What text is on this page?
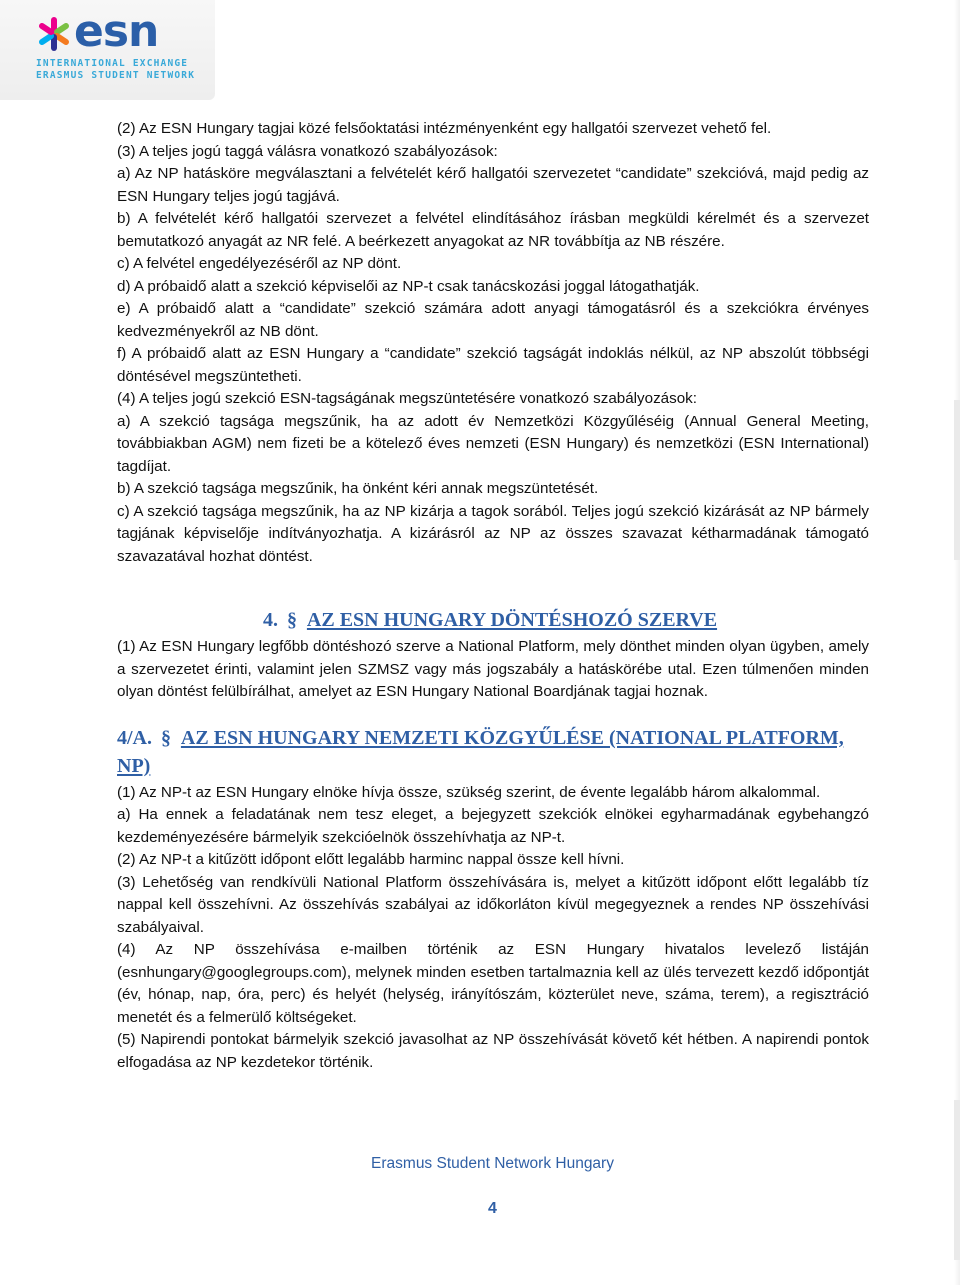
esn
INTERNATIONAL EXCHANGE
ERASMUS STUDENT NETWORK

(2) Az ESN Hungary tagjai közé felsőoktatási intézményenként egy hallgatói szervezet vehető fel.

(3) A teljes jogú taggá válásra vonatkozó szabályozások:

a) Az NP hatásköre megválasztani a felvételét kérő hallgatói szervezetet “candidate” szekcióvá, majd pedig az ESN Hungary teljes jogú tagjává.

b) A felvételét kérő hallgatói szervezet a felvétel elindításához írásban megküldi kérelmét és a szervezet bemutatkozó anyagát az NR felé. A beérkezett anyagokat az NR továbbítja az NB részére.

c) A felvétel engedélyezéséről az NP dönt.

d) A próbaidő alatt a szekció képviselői az NP-t csak tanácskozási joggal látogathatják.

e) A próbaidő alatt a “candidate” szekció számára adott anyagi támogatásról és a szekciókra érvényes kedvezményekről az NB dönt.

f) A próbaidő alatt az ESN Hungary a “candidate” szekció tagságát indoklás nélkül, az NP abszolút többségi döntésével megszüntetheti.

(4) A teljes jogú szekció ESN-tagságának megszüntetésére vonatkozó szabályozások:

a) A szekció tagsága megszűnik, ha az adott év Nemzetközi Közgyűléséig (Annual General Meeting, továbbiakban AGM) nem fizeti be a kötelező éves nemzeti (ESN Hungary) és nemzetközi (ESN International) tagdíjat.

b) A szekció tagsága megszűnik, ha önként kéri annak megszüntetését.

c) A szekció tagsága megszűnik, ha az NP kizárja a tagok sorából. Teljes jogú szekció kizárását az NP bármely tagjának képviselője indítványozhatja. A kizárásról az NP az összes szavazat kétharmadának támogató szavazatával hozhat döntést.

4. § AZ ESN HUNGARY DÖNTÉSHOZÓ SZERVE

(1) Az ESN Hungary legfőbb döntéshozó szerve a National Platform, mely dönthet minden olyan ügyben, amely a szervezetet érinti, valamint jelen SZMSZ vagy más jogszabály a hatáskörébe utal. Ezen túlmenően minden olyan döntést felülbírálhat, amelyet az ESN Hungary National Boardjának tagjai hoznak.

4/A. § AZ ESN HUNGARY NEMZETI KÖZGYŰLÉSE (NATIONAL PLATFORM, NP)

(1) Az NP-t az ESN Hungary elnöke hívja össze, szükség szerint, de évente legalább három alkalommal.

a) Ha ennek a feladatának nem tesz eleget, a bejegyzett szekciók elnökei egyharmadának egybehangzó kezdeményezésére bármelyik szekcióelnök összehívhatja az NP-t.

(2) Az NP-t a kitűzött időpont előtt legalább harminc nappal össze kell hívni.

(3) Lehetőség van rendkívüli National Platform összehívására is, melyet a kitűzött időpont előtt legalább tíz nappal kell összehívni. Az összehívás szabályai az időkorláton kívül megegyeznek a rendes NP összehívási szabályaival.

(4) Az NP összehívása e-mailben történik az ESN Hungary hivatalos levelező listáján (esnhungary@googlegroups.com), melynek minden esetben tartalmaznia kell az ülés tervezett kezdő időpontját (év, hónap, nap, óra, perc) és helyét (helység, irányítószám, közterület neve, száma, terem), a regisztráció menetét és a felmerülő költségeket.

(5) Napirendi pontokat bármelyik szekció javasolhat az NP összehívását követő két hétben. A napirendi pontok elfogadása az NP kezdetekor történik.

Erasmus Student Network Hungary
4
